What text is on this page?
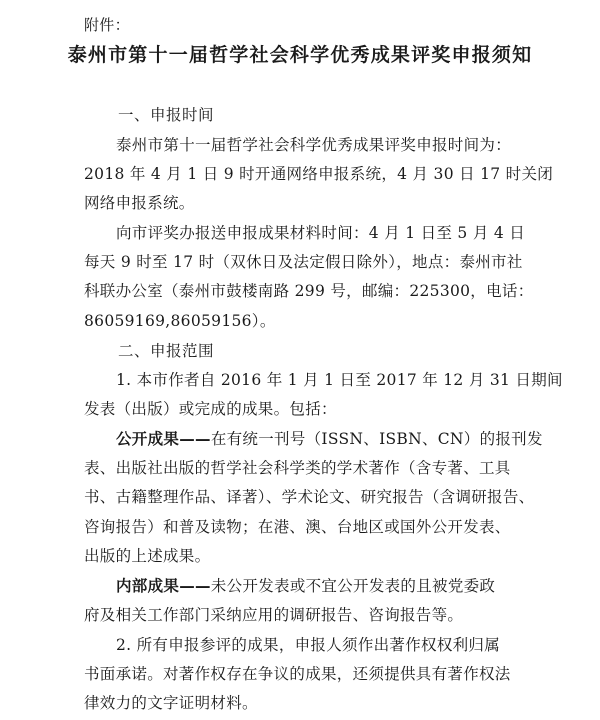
附件：
泰州市第十一届哲学社会科学优秀成果评奖申报须知
一、申报时间
泰州市第十一届哲学社会科学优秀成果评奖申报时间为：
2018 年 4 月 1 日 9 时开通网络申报系统，4 月 30 日 17 时关闭
网络申报系统。
向市评奖办报送申报成果材料时间：4 月 1 日至 5 月 4 日
每天 9 时至 17 时（双休日及法定假日除外），地点：泰州市社
科联办公室（泰州市鼓楼南路 299 号，邮编：225300，电话：
86059169,86059156）。
二、申报范围
1. 本市作者自 2016 年 1 月 1 日至 2017 年 12 月 31 日期间
发表（出版）或完成的成果。包括：
公开成果——在有统一刊号（ISSN、ISBN、CN）的报刊发
表、出版社出版的哲学社会科学类的学术著作（含专著、工具
书、古籍整理作品、译著）、学术论文、研究报告（含调研报告、
咨询报告）和普及读物；在港、澳、台地区或国外公开发表、
出版的上述成果。
内部成果——未公开发表或不宜公开发表的且被党委政
府及相关工作部门采纳应用的调研报告、咨询报告等。
2. 所有申报参评的成果，申报人须作出著作权权利归属
书面承诺。对著作权存在争议的成果，还须提供具有著作权法
律效力的文字证明材料。
